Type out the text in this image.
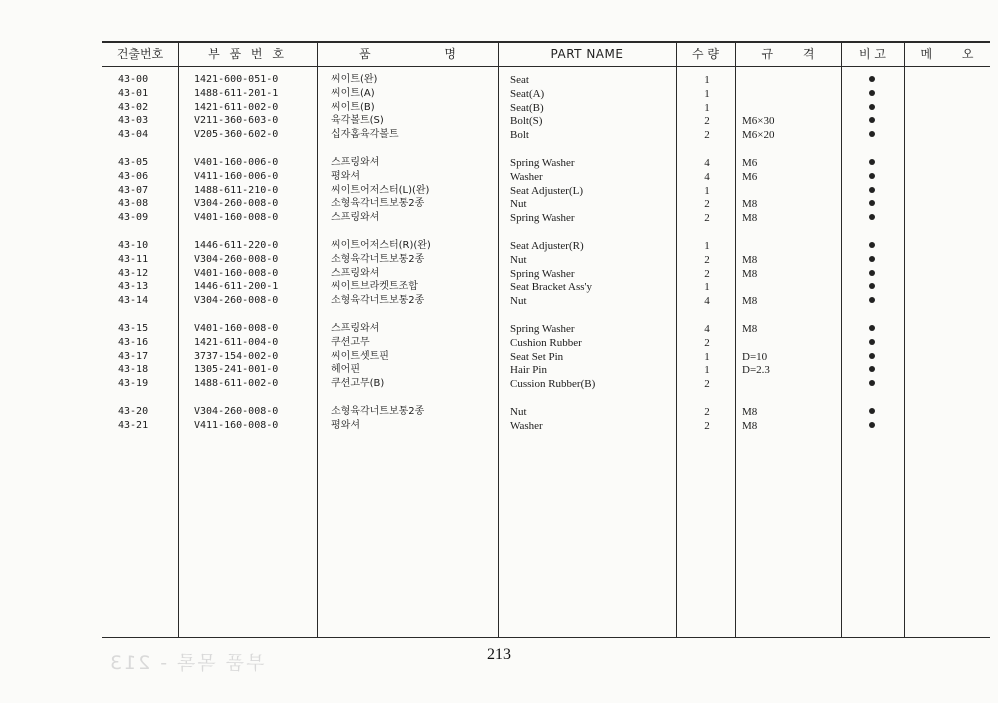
부품 목록 - 213
건출번호	부 품 번 호	품 명	PART NAME	수 량	규 격	비 고	메 오
43-00	1421-600-051-0	씨이트(완)	Seat	1
43-01	1488-611-201-1	씨이트(A)	Seat(A)	1
43-02	1421-611-002-0	씨이트(B)	Seat(B)	1
43-03	V211-360-603-0	육각볼트(S)	Bolt(S)	2	M6×30
43-04	V205-360-602-0	십자홈육각볼트	Bolt	2	M6×20
43-05	V401-160-006-0	스프링와셔	Spring Washer	4	M6
43-06	V411-160-006-0	평와셔	Washer	4	M6
43-07	1488-611-210-0	씨이트어저스터(L)(완)	Seat Adjuster(L)	1
43-08	V304-260-008-0	소형육각너트보통2종	Nut	2	M8
43-09	V401-160-008-0	스프링와셔	Spring Washer	2	M8
43-10	1446-611-220-0	씨이트어저스터(R)(완)	Seat Adjuster(R)	1
43-11	V304-260-008-0	소형육각너트보통2종	Nut	2	M8
43-12	V401-160-008-0	스프링와셔	Spring Washer	2	M8
43-13	1446-611-200-1	씨이트브라켓트조합	Seat Bracket Ass'y	1
43-14	V304-260-008-0	소형육각너트보통2종	Nut	4	M8
43-15	V401-160-008-0	스프링와셔	Spring Washer	4	M8
43-16	1421-611-004-0	쿠션고무	Cushion Rubber	2
43-17	3737-154-002-0	씨이트셋트핀	Seat Set Pin	1	D=10
43-18	1305-241-001-0	헤어핀	Hair Pin	1	D=2.3
43-19	1488-611-002-0	쿠션고무(B)	Cussion Rubber(B)	2
43-20	V304-260-008-0	소형육각너트보통2종	Nut	2	M8
43-21	V411-160-008-0	평와셔	Washer	2	M8
213
